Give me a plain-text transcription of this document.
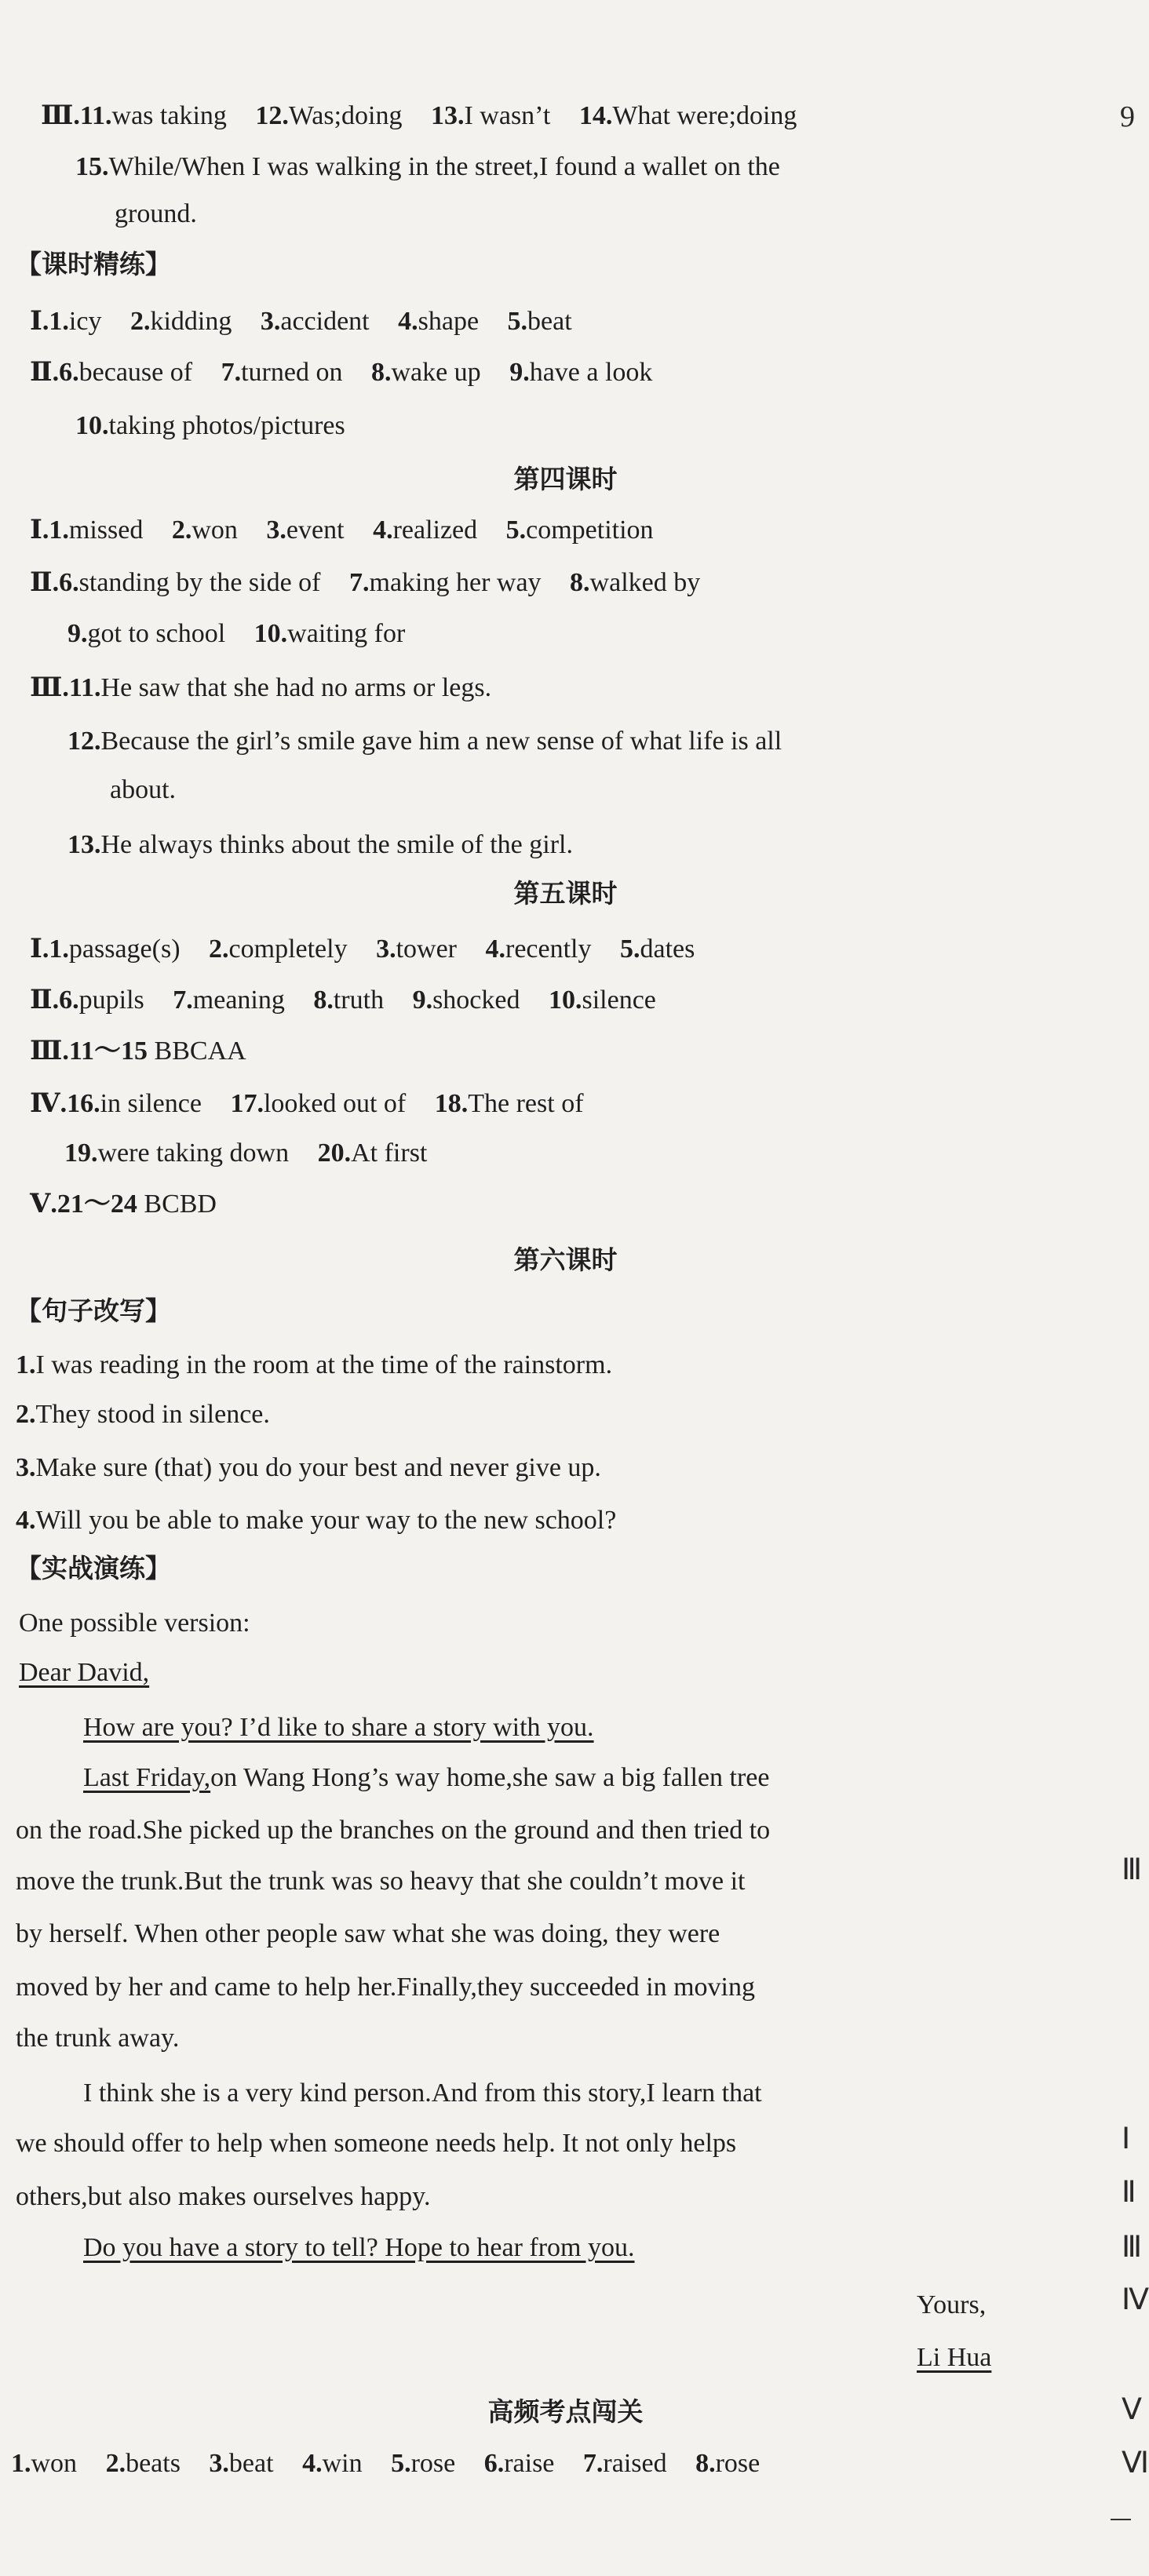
Ⅲ.11.was taking 12.Was;doing 13.I wasn’t 14.What were;doing
15.While/When I was walking in the street,I found a wallet on the
ground.
【课时精练】
Ⅰ.1.icy 2.kidding 3.accident 4.shape 5.beat
Ⅱ.6.because of 7.turned on 8.wake up 9.have a look
10.taking photos/pictures
第四课时
Ⅰ.1.missed 2.won 3.event 4.realized 5.competition
Ⅱ.6.standing by the side of 7.making her way 8.walked by
9.got to school 10.waiting for
Ⅲ.11.He saw that she had no arms or legs.
12.Because the girl’s smile gave him a new sense of what life is all
about.
13.He always thinks about the smile of the girl.
第五课时
Ⅰ.1.passage(s) 2.completely 3.tower 4.recently 5.dates
Ⅱ.6.pupils 7.meaning 8.truth 9.shocked 10.silence
Ⅲ.11～15 BBCAA
Ⅳ.16.in silence 17.looked out of 18.The rest of
19.were taking down 20.At first
Ⅴ.21～24 BCBD
第六课时
【句子改写】
1.I was reading in the room at the time of the rainstorm.
2.They stood in silence.
3.Make sure (that) you do your best and never give up.
4.Will you be able to make your way to the new school?
【实战演练】
One possible version:
Dear David,
How are you? I’d like to share a story with you.
Last Friday,on Wang Hong’s way home,she saw a big fallen tree
on the road.She picked up the branches on the ground and then tried to
move the trunk.But the trunk was so heavy that she couldn’t move it
by herself. When other people saw what she was doing, they were
moved by her and came to help her.Finally,they succeeded in moving
the trunk away.
I think she is a very kind person.And from this story,I learn that
we should offer to help when someone needs help. It not only helps
others,but also makes ourselves happy.
Do you have a story to tell? Hope to hear from you.
Yours,
Li Hua
高频考点闯关
1.won 2.beats 3.beat 4.win 5.rose 6.raise 7.raised 8.rose
9
Ⅲ
Ⅰ
Ⅱ
Ⅲ
Ⅳ
Ⅴ
Ⅵ
